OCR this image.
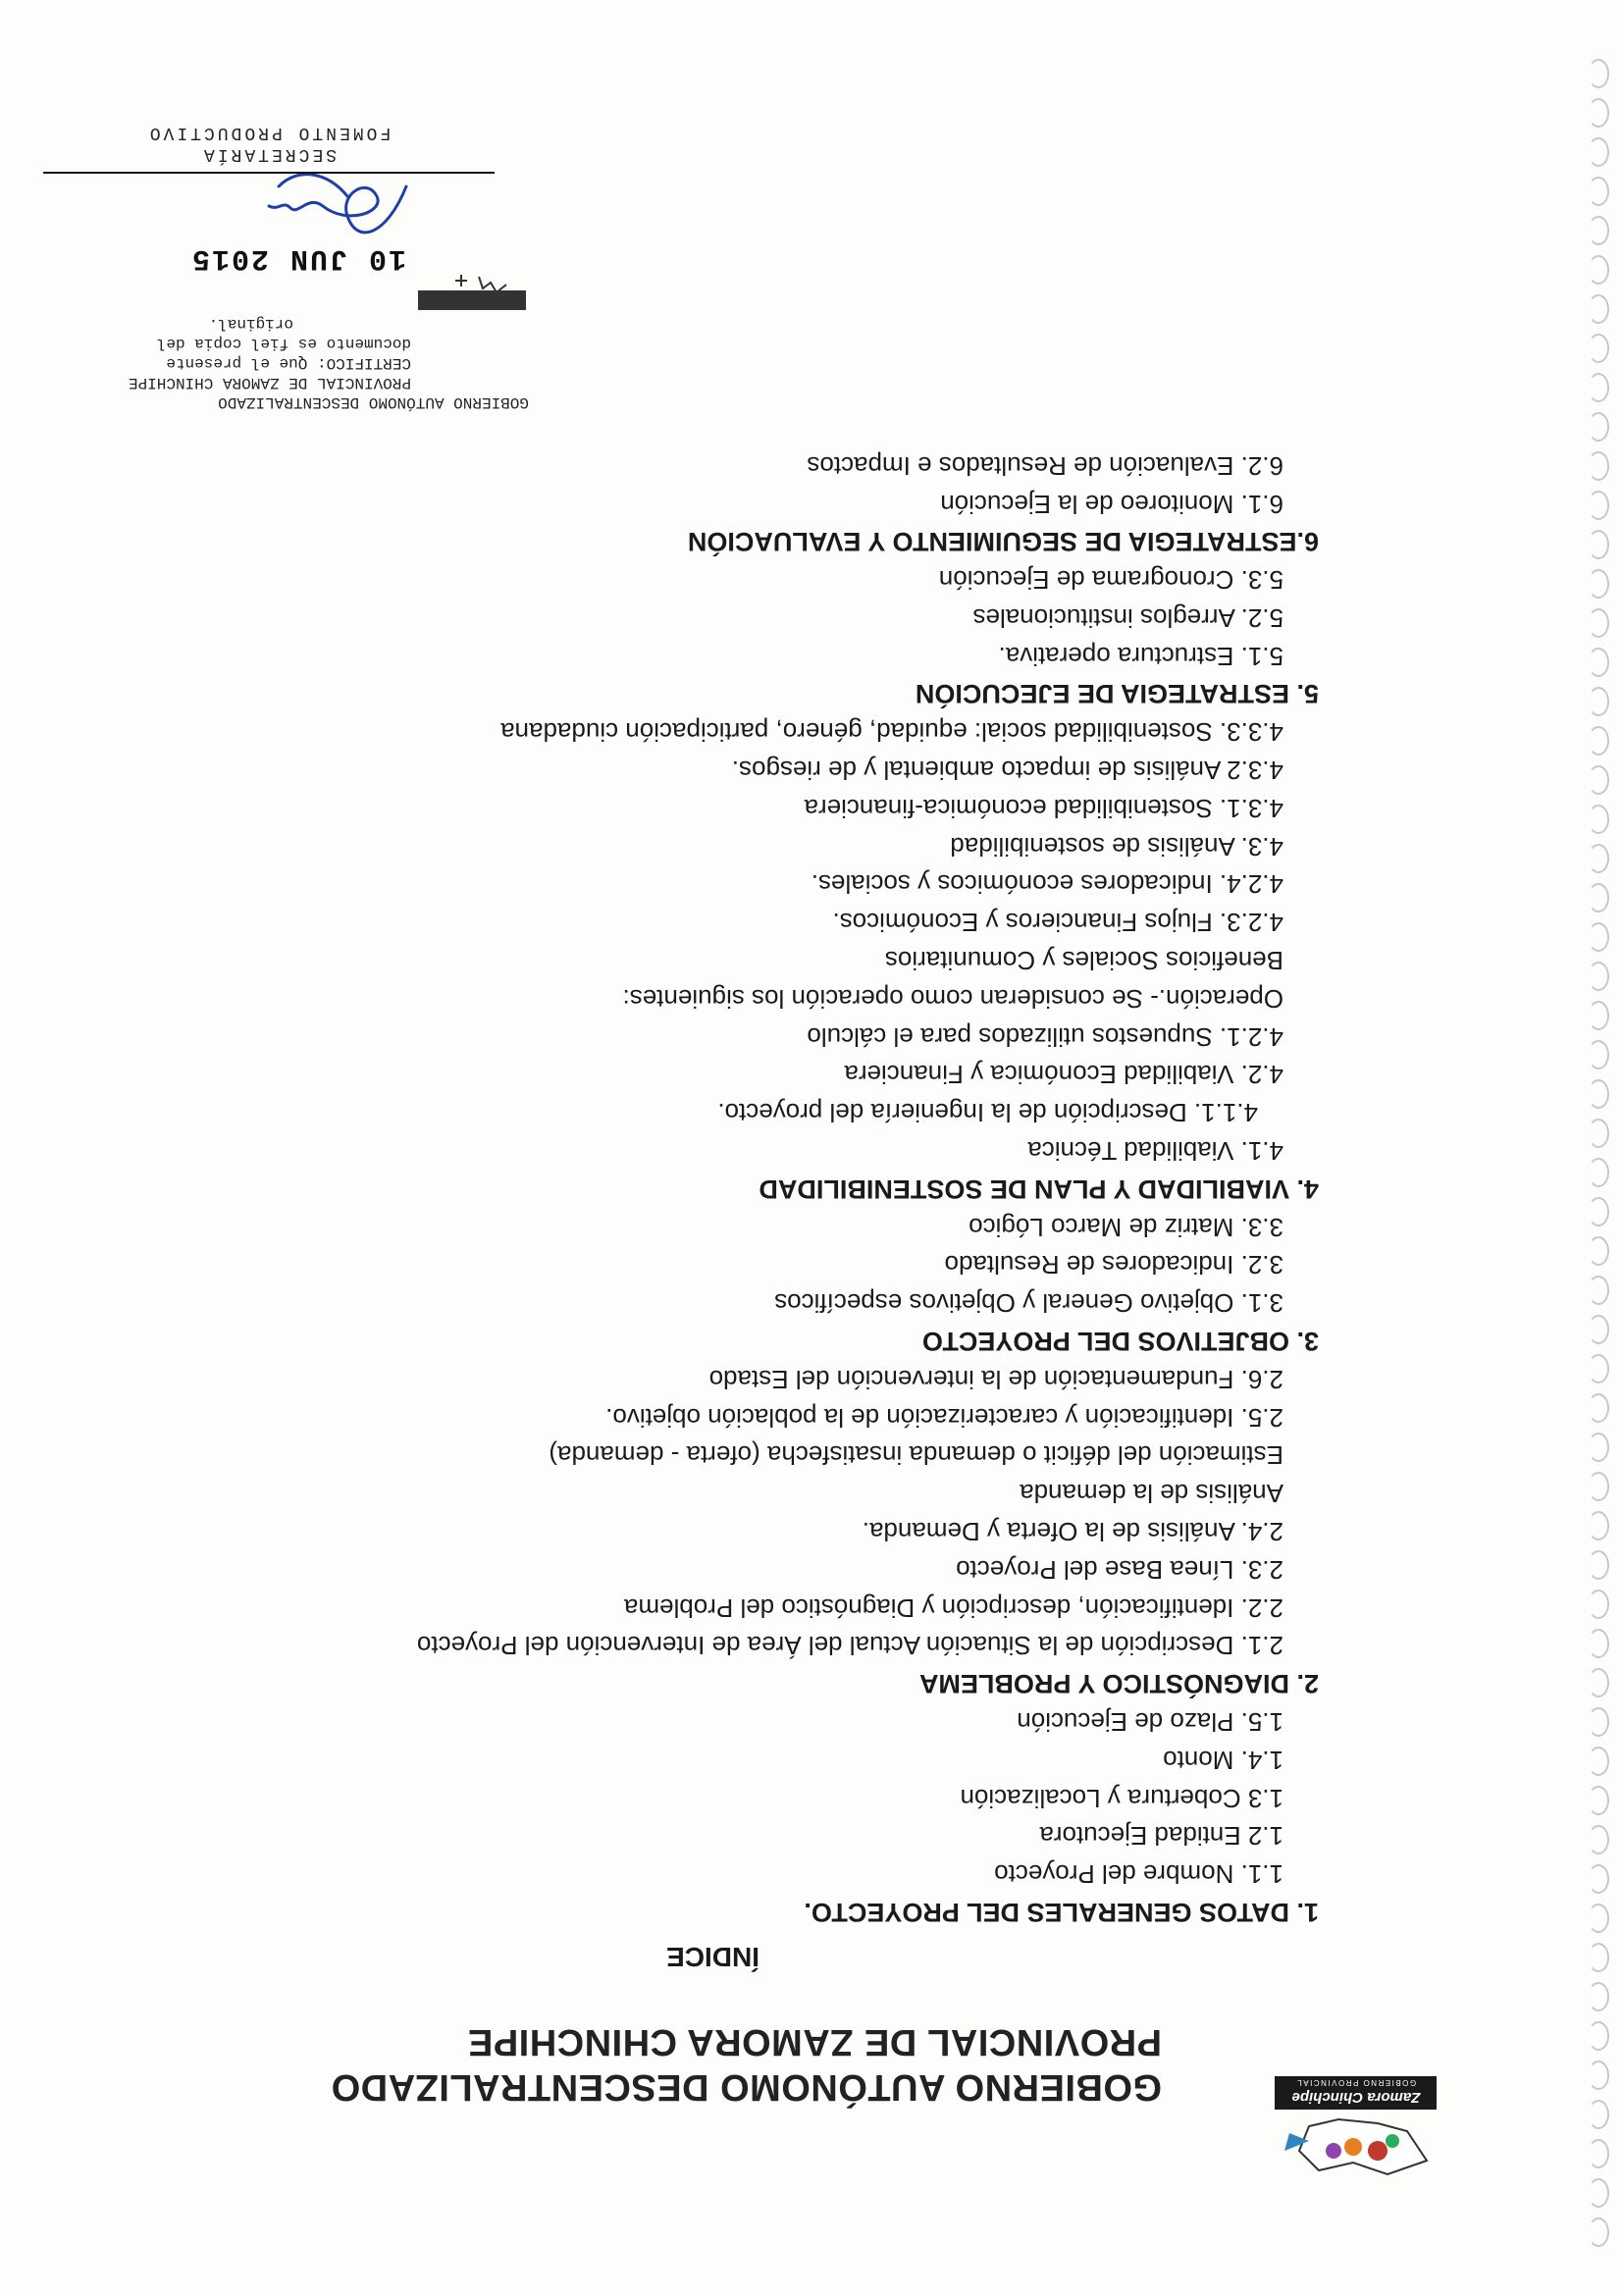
Zamora Chinchipe
GOBIERNO PROVINCIAL
GOBIERNO AUTÓNOMO DESCENTRALIZADO
PROVINCIAL DE ZAMORA CHINCHIPE
ÍNDICE
1. DATOS GENERALES DEL PROYECTO.
1.1. Nombre del Proyecto
1.2 Entidad Ejecutora
1.3 Cobertura y Localización
1.4. Monto
1.5. Plazo de Ejecución
2. DIAGNÓSTICO Y PROBLEMA
2.1. Descripción de la Situación Actual del Área de Intervención del Proyecto
2.2. Identificación, descripción y Diagnóstico del Problema
2.3. Línea Base del Proyecto
2.4. Análisis de la Oferta y Demanda.
Análisis de la demanda
Estimación del déficit o demanda insatisfecha (oferta - demanda)
2.5. Identificación y caracterización de la población objetivo.
2.6. Fundamentación de la intervención del Estado
3. OBJETIVOS DEL PROYECTO
3.1. Objetivo General y Objetivos específicos
3.2. Indicadores de Resultado
3.3. Matriz de Marco Lógico
4. VIABILIDAD Y PLAN DE SOSTENIBILIDAD
4.1. Viabilidad Técnica
4.1.1. Descripción de la Ingeniería del proyecto.
4.2. Viabilidad Económica y Financiera
4.2.1. Supuestos utilizados para el cálculo
Operación.- Se consideran como operación los siguientes:
Beneficios Sociales y Comunitarios
4.2.3. Flujos Financieros y Económicos.
4.2.4. Indicadores económicos y sociales.
4.3. Análisis de sostenibilidad
4.3.1. Sostenibilidad económica-financiera
4.3.2 Análisis de impacto ambiental y de riesgos.
4.3.3. Sostenibilidad social: equidad, género, participación ciudadana
5. ESTRATEGIA DE EJECUCIÓN
5.1. Estructura operativa.
5.2. Arreglos institucionales
5.3. Cronograma de Ejecución
6.ESTRATEGIA DE SEGUIMIENTO Y EVALUACIÓN
6.1. Monitoreo de la Ejecución
6.2. Evaluación de Resultados e Impactos
GOBIERNO AUTÓNOMO DESCENTRALIZADO
PROVINCIAL DE ZAMORA CHINCHIPE
CERTIFICO: Que el presente
documento es fiel copia del
original.
10 JUN 2015
SECRETARÍA
FOMENTO PRODUCTIVO
